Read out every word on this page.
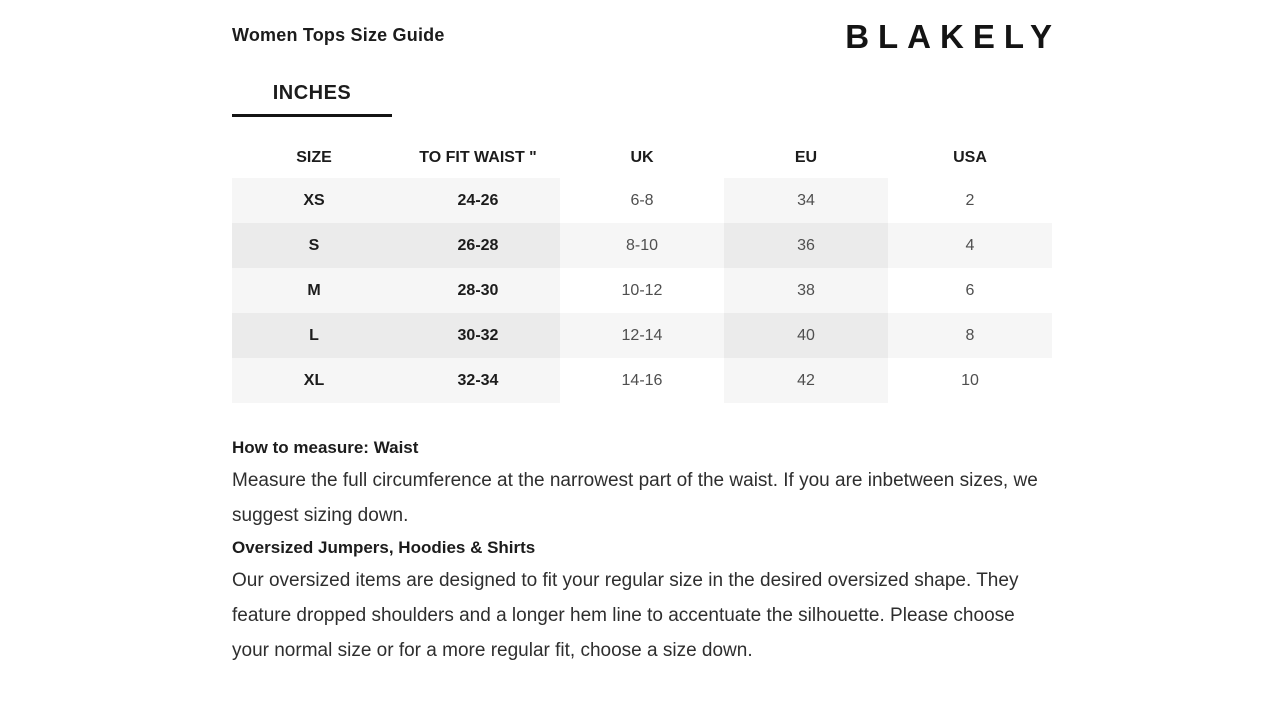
Women Tops Size Guide	BLAKELY
INCHES
SIZE	TO FIT WAIST "	UK	EU	USA
XS	24-26	6-8	34	2
S	26-28	8-10	36	4
M	28-30	10-12	38	6
L	30-32	12-14	40	8
XL	32-34	14-16	42	10
How to measure: Waist

Measure the full circumference at the narrowest part of the waist. If you are inbetween sizes, we suggest sizing down.

Oversized Jumpers, Hoodies & Shirts

Our oversized items are designed to fit your regular size in the desired oversized shape. They feature dropped shoulders and a longer hem line to accentuate the silhouette. Please choose your normal size or for a more regular fit, choose a size down.
